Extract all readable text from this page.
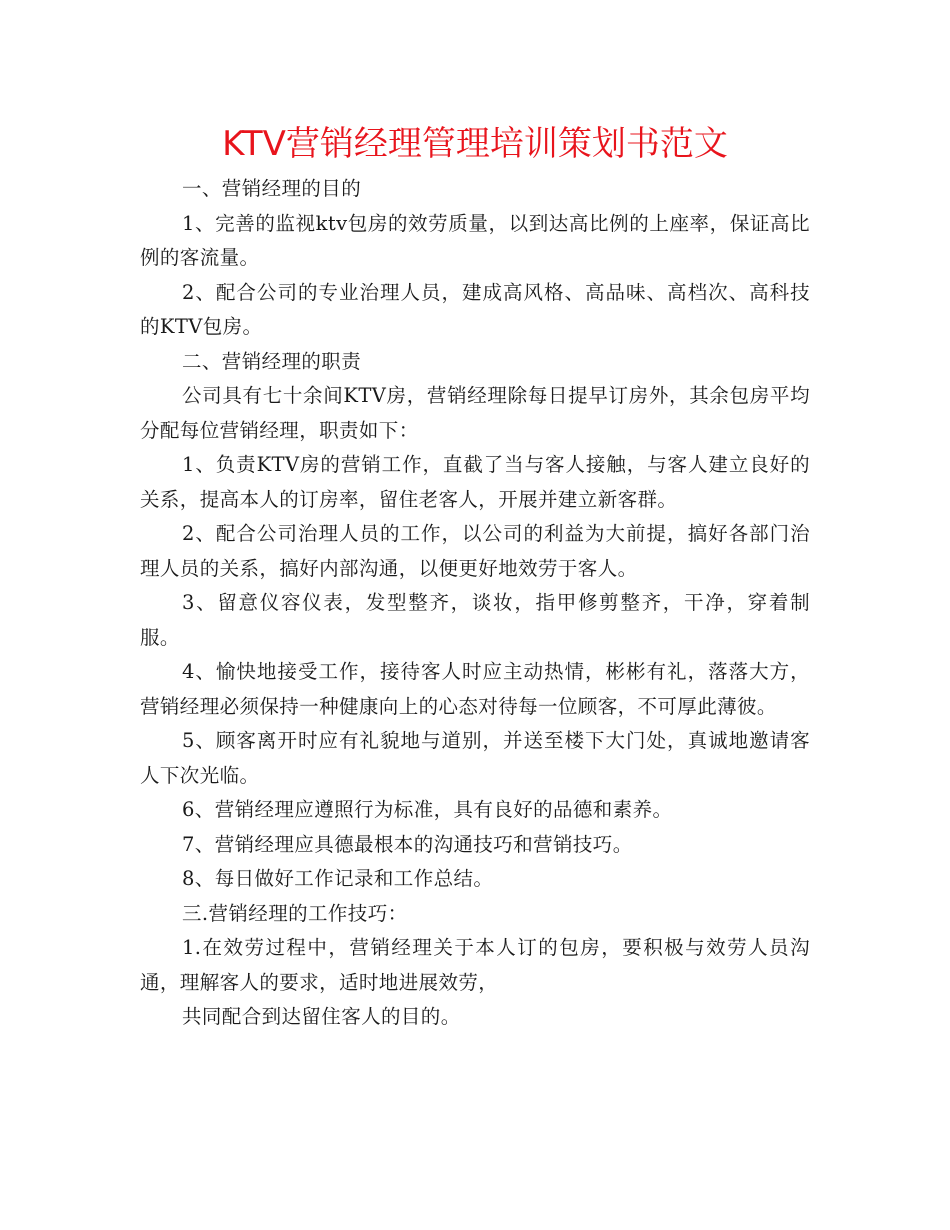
KTV营销经理管理培训策划书范文

一、营销经理的目的

1、完善的监视ktv包房的效劳质量，以到达高比例的上座率，保证高比例的客流量。

2、配合公司的专业治理人员，建成高风格、高品味、高档次、高科技的KTV包房。

二、营销经理的职责

公司具有七十余间KTV房，营销经理除每日提早订房外，其余包房平均分配每位营销经理，职责如下：

1、负责KTV房的营销工作，直截了当与客人接触，与客人建立良好的关系，提高本人的订房率，留住老客人，开展并建立新客群。

2、配合公司治理人员的工作，以公司的利益为大前提，搞好各部门治理人员的关系，搞好内部沟通，以便更好地效劳于客人。

3、留意仪容仪表，发型整齐，谈妆，指甲修剪整齐，干净，穿着制服。

4、愉快地接受工作，接待客人时应主动热情，彬彬有礼，落落大方，营销经理必须保持一种健康向上的心态对待每一位顾客，不可厚此薄彼。

5、顾客离开时应有礼貌地与道别，并送至楼下大门处，真诚地邀请客人下次光临。

6、营销经理应遵照行为标准，具有良好的品德和素养。

7、营销经理应具德最根本的沟通技巧和营销技巧。

8、每日做好工作记录和工作总结。

三.营销经理的工作技巧：

1.在效劳过程中，营销经理关于本人订的包房，要积极与效劳人员沟通，理解客人的要求，适时地进展效劳，

共同配合到达留住客人的目的。
